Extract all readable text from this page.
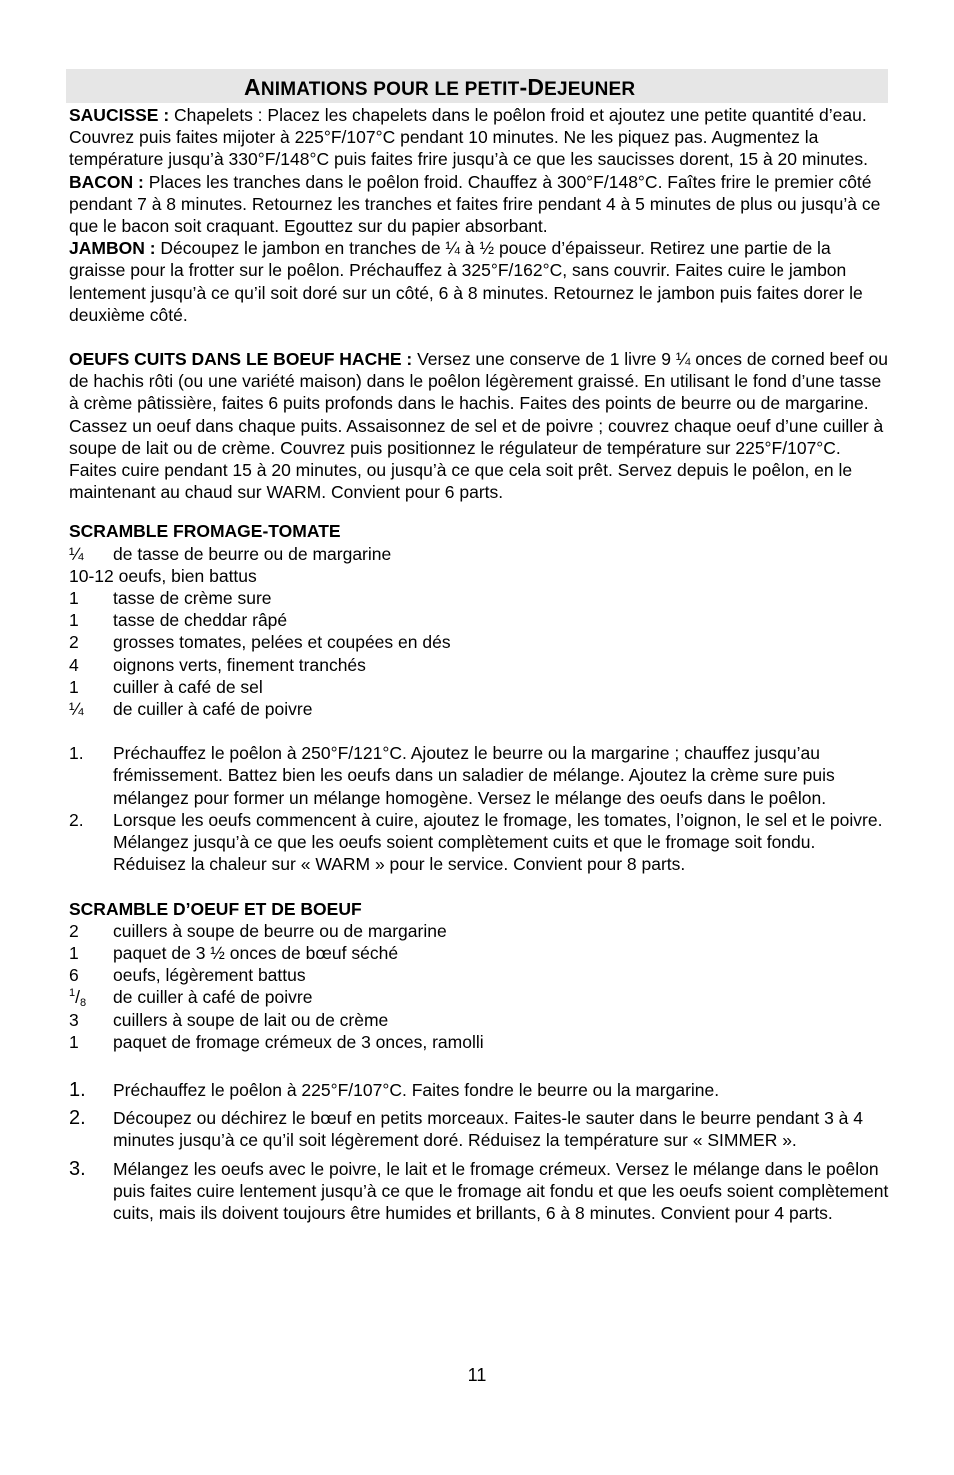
ANIMATIONS POUR LE PETIT-DEJEUNER

SAUCISSE : Chapelets : Placez les chapelets dans le poêlon froid et ajoutez une petite quantité d’eau. Couvrez puis faites mijoter à 225°F/107°C pendant 10 minutes. Ne les piquez pas. Augmentez la température jusqu’à 330°F/148°C puis faites frire jusqu’à ce que les saucisses dorent, 15 à 20 minutes.

BACON : Places les tranches dans le poêlon froid. Chauffez à 300°F/148°C. Faîtes frire le premier côté pendant 7 à 8 minutes. Retournez les tranches et faites frire pendant 4 à 5 minutes de plus ou jusqu’à ce que le bacon soit craquant. Egouttez sur du papier absorbant.

JAMBON : Découpez le jambon en tranches de ¼ à ½ pouce d’épaisseur. Retirez une partie de la graisse pour la frotter sur le poêlon. Préchauffez à 325°F/162°C, sans couvrir. Faites cuire le jambon lentement jusqu’à ce qu’il soit doré sur un côté, 6 à 8 minutes. Retournez le jambon puis faites dorer le deuxième côté.

OEUFS CUITS DANS LE BOEUF HACHE : Versez une conserve de 1 livre 9 ¼ onces de corned beef ou de hachis rôti (ou une variété maison) dans le poêlon légèrement graissé. En utilisant le fond d’une tasse à crème pâtissière, faites 6 puits profonds dans le hachis. Faites des points de beurre ou de margarine. Cassez un oeuf dans chaque puits. Assaisonnez de sel et de poivre ; couvrez chaque oeuf d’une cuiller à soupe de lait ou de crème. Couvrez puis positionnez le régulateur de température sur 225°F/107°C. Faites cuire pendant 15 à 20 minutes, ou jusqu’à ce que cela soit prêt. Servez depuis le poêlon, en le maintenant au chaud sur WARM. Convient pour 6 parts.

SCRAMBLE FROMAGE-TOMATE
¼	de tasse de beurre ou de margarine
10-12 oeufs, bien battus
1	tasse de crème sure
1	tasse de cheddar râpé
2	grosses tomates, pelées et coupées en dés
4	oignons verts, finement tranchés
1	cuiller à café de sel
¼	de cuiller à café de poivre
1.	Préchauffez le poêlon à 250°F/121°C. Ajoutez le beurre ou la margarine ; chauffez jusqu’au frémissement. Battez bien les oeufs dans un saladier de mélange. Ajoutez la crème sure puis mélangez pour former un mélange homogène. Versez le mélange des oeufs dans le poêlon.
2.	Lorsque les oeufs commencent à cuire, ajoutez le fromage, les tomates, l’oignon, le sel et le poivre. Mélangez jusqu’à ce que les oeufs soient complètement cuits et que le fromage soit fondu. Réduisez la chaleur sur « WARM » pour le service. Convient pour 8 parts.
SCRAMBLE D’OEUF ET DE BOEUF
2	cuillers à soupe de beurre ou de margarine
1	paquet de 3 ½ onces de bœuf séché
6	oeufs, légèrement battus
$^1/_8$	de cuiller à café de poivre
3	cuillers à soupe de lait ou de crème
1	paquet de fromage crémeux de 3 onces, ramolli
1.	Préchauffez le poêlon à 225°F/107°C. Faites fondre le beurre ou la margarine.
2.	Découpez ou déchirez le bœuf en petits morceaux. Faites-le sauter dans le beurre pendant 3 à 4 minutes jusqu’à ce qu’il soit légèrement doré. Réduisez la température sur « SIMMER ».
3.	Mélangez les oeufs avec le poivre, le lait et le fromage crémeux. Versez le mélange dans le poêlon puis faites cuire lentement jusqu’à ce que le fromage ait fondu et que les oeufs soient complètement cuits, mais ils doivent toujours être humides et brillants, 6 à 8 minutes. Convient pour 4 parts.
11
